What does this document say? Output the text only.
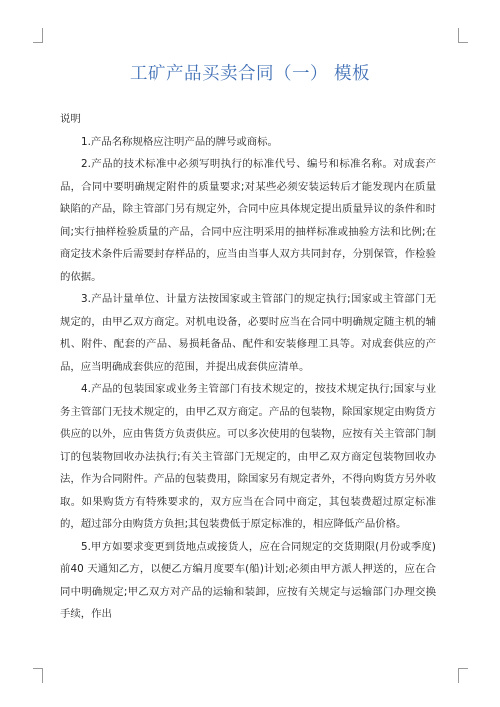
工矿产品买卖合同（一） 模板

说明

1.产品名称规格应注明产品的牌号或商标。

2.产品的技术标准中必须写明执行的标准代号、编号和标准名称。对成套产品，合同中要明确规定附件的质量要求;对某些必须安装运转后才能发现内在质量缺陷的产品，除主管部门另有规定外，合同中应具体规定提出质量异议的条件和时间;实行抽样检验质量的产品，合同中应注明采用的抽样标准或抽验方法和比例;在商定技术条件后需要封存样品的，应当由当事人双方共同封存，分别保管，作检验的依据。

3.产品计量单位、计量方法按国家或主管部门的规定执行;国家或主管部门无规定的，由甲乙双方商定。对机电设备，必要时应当在合同中明确规定随主机的辅机、附件、配套的产品、易损耗备品、配件和安装修理工具等。对成套供应的产品，应当明确成套供应的范围，并提出成套供应清单。

4.产品的包装国家或业务主管部门有技术规定的，按技术规定执行;国家与业务主管部门无技术规定的，由甲乙双方商定。产品的包装物，除国家规定由购货方供应的以外，应由售货方负责供应。可以多次使用的包装物，应按有关主管部门制订的包装物回收办法执行;有关主管部门无规定的，由甲乙双方商定包装物回收办法，作为合同附件。产品的包装费用，除国家另有规定者外，不得向购货方另外收取。如果购货方有特殊要求的，双方应当在合同中商定，其包装费超过原定标准的，超过部分由购货方负担;其包装费低于原定标准的，相应降低产品价格。

5.甲方如要求变更到货地点或接货人，应在合同规定的交货期限(月份或季度)前40 天通知乙方，以便乙方编月度要车(船)计划;必须由甲方派人押送的，应在合同中明确规定;甲乙双方对产品的运输和装卸，应按有关规定与运输部门办理交换手续，作出
